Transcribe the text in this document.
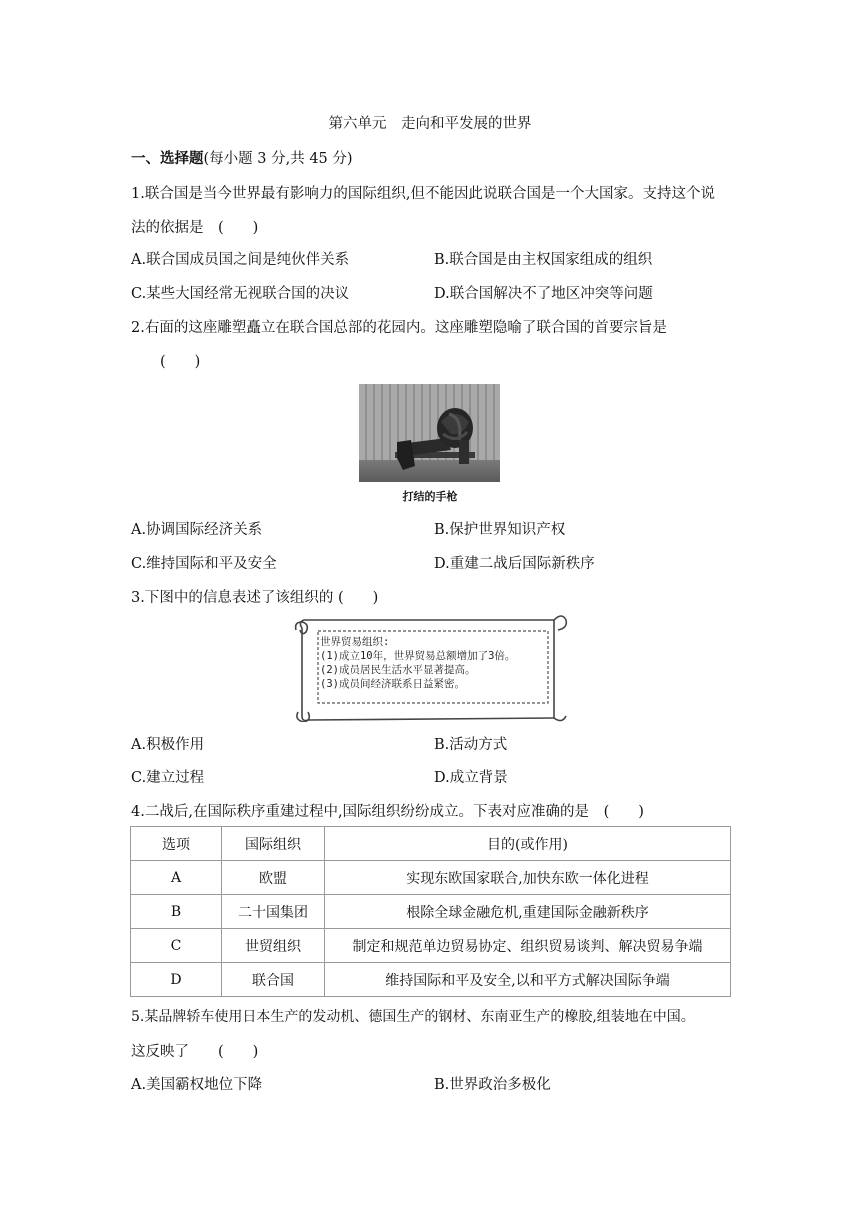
第六单元　走向和平发展的世界
一、选择题(每小题 3 分,共 45 分)
1.联合国是当今世界最有影响力的国际组织,但不能因此说联合国是一个大国家。支持这个说
法的依据是　 (　　)
A.联合国成员国之间是纯伙伴关系	B.联合国是由主权国家组成的组织
C.某些大国经常无视联合国的决议	D.联合国解决不了地区冲突等问题
2.右面的这座雕塑矗立在联合国总部的花园内。这座雕塑隐喻了联合国的首要宗旨是
(　　)
打结的手枪
A.协调国际经济关系	B.保护世界知识产权
C.维持国际和平及安全	D.重建二战后国际新秩序
3.下图中的信息表述了该组织的 (　　)
世界贸易组织:
(1)成立10年，世界贸易总额增加了3倍。
(2)成员居民生活水平显著提高。
(3)成员间经济联系日益紧密。
A.积极作用	B.活动方式
C.建立过程	D.成立背景
4.二战后,在国际秩序重建过程中,国际组织纷纷成立。下表对应准确的是　 (　　)
选项	国际组织	目的(或作用)
A	欧盟	实现东欧国家联合,加快东欧一体化进程
B	二十国集团	根除全球金融危机,重建国际金融新秩序
C	世贸组织	制定和规范单边贸易协定、组织贸易谈判、解决贸易争端
D	联合国	维持国际和平及安全,以和平方式解决国际争端
5.某品牌轿车使用日本生产的发动机、德国生产的钢材、东南亚生产的橡胶,组装地在中国。
这反映了　　 (　　)
A.美国霸权地位下降	B.世界政治多极化
